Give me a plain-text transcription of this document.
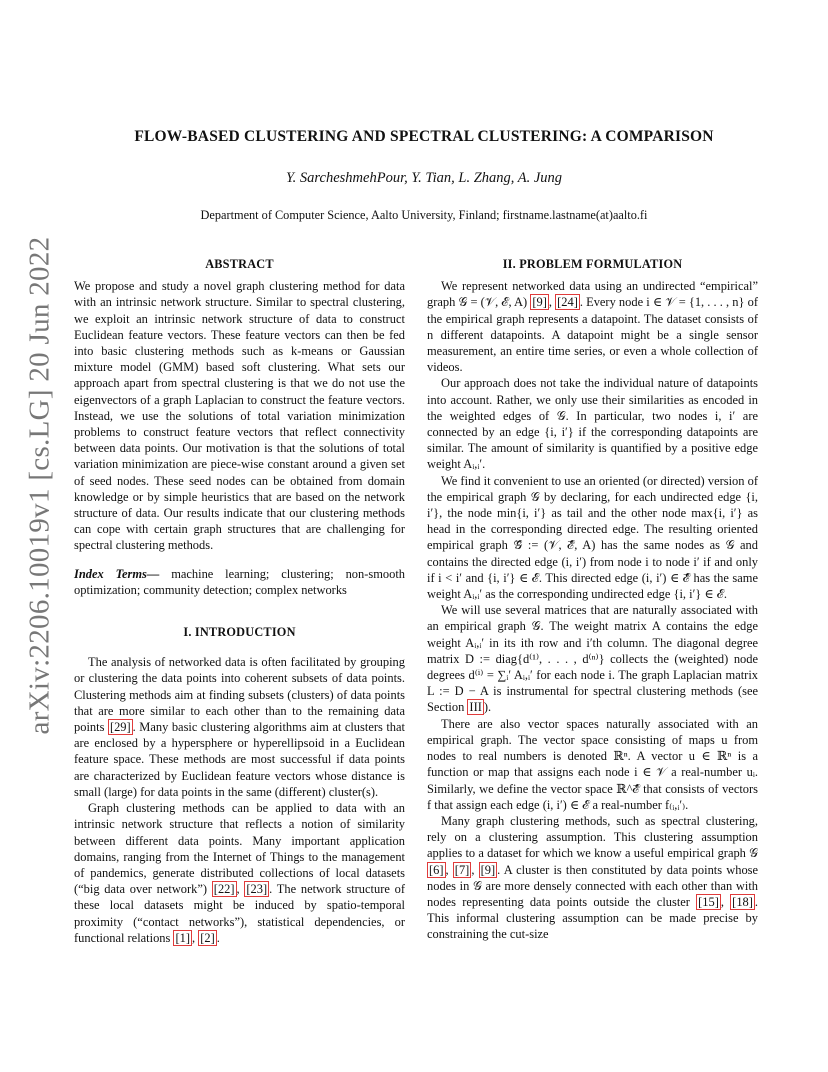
arXiv:2206.10019v1 [cs.LG] 20 Jun 2022
FLOW-BASED CLUSTERING AND SPECTRAL CLUSTERING: A COMPARISON
Y. SarcheshmehPour, Y. Tian, L. Zhang, A. Jung
Department of Computer Science, Aalto University, Finland; firstname.lastname(at)aalto.fi
ABSTRACT

We propose and study a novel graph clustering method for data with an intrinsic network structure. Similar to spectral clustering, we exploit an intrinsic network structure of data to construct Euclidean feature vectors. These feature vectors can then be fed into basic clustering methods such as k-means or Gaussian mixture model (GMM) based soft clustering. What sets our approach apart from spectral clustering is that we do not use the eigenvectors of a graph Laplacian to construct the feature vectors. Instead, we use the solutions of total variation minimization problems to construct feature vectors that reflect connectivity between data points. Our motivation is that the solutions of total variation minimization are piece-wise constant around a given set of seed nodes. These seed nodes can be obtained from domain knowledge or by simple heuristics that are based on the network structure of data. Our results indicate that our clustering methods can cope with certain graph structures that are challenging for spectral clustering methods.

Index Terms— machine learning; clustering; non-smooth optimization; community detection; complex networks

I. INTRODUCTION

The analysis of networked data is often facilitated by grouping or clustering the data points into coherent subsets of data points. Clustering methods aim at finding subsets (clusters) of data points that are more similar to each other than to the remaining data points [29] . Many basic clustering algorithms aim at clusters that are enclosed by a hypersphere or hyperellipsoid in a Euclidean feature space. These methods are most successful if data points are characterized by Euclidean feature vectors whose distance is small (large) for data points in the same (different) cluster(s).

Graph clustering methods can be applied to data with an intrinsic network structure that reflects a notion of similarity between different data points. Many important application domains, ranging from the Internet of Things to the management of pandemics, generate distributed collections of local datasets (“big data over network”) [22] , [23] . The network structure of these local datasets might be induced by spatio-temporal proximity (“contact networks”), statistical dependencies, or functional relations [1] , [2] .

II. PROBLEM FORMULATION

We represent networked data using an undirected “empirical” graph 𝒢 = (𝒱, ℰ, A) [9] , [24] . Every node i ∈ 𝒱 = {1, . . . , n} of the empirical graph represents a datapoint. The dataset consists of n different datapoints. A datapoint might be a single sensor measurement, an entire time series, or even a whole collection of videos.

Our approach does not take the individual nature of datapoints into account. Rather, we only use their similarities as encoded in the weighted edges of 𝒢. In particular, two nodes i, i′ are connected by an edge {i, i′} if the corresponding datapoints are similar. The amount of similarity is quantified by a positive edge weight Aᵢ,ᵢ′.

We find it convenient to use an oriented (or directed) version of the empirical graph 𝒢 by declaring, for each undirected edge {i, i′}, the node min{i, i′} as tail and the other node max{i, i′} as head in the corresponding directed edge. The resulting oriented empirical graph 𝒢⃗ := (𝒱, ℰ⃗, A) has the same nodes as 𝒢 and contains the directed edge (i, i′) from node i to node i′ if and only if i < i′ and {i, i′} ∈ ℰ. This directed edge (i, i′) ∈ ℰ⃗ has the same weight Aᵢ,ᵢ′ as the corresponding undirected edge {i, i′} ∈ ℰ.

We will use several matrices that are naturally associated with an empirical graph 𝒢. The weight matrix A contains the edge weight Aᵢ,ᵢ′ in its ith row and i′th column. The diagonal degree matrix D := diag{d⁽¹⁾, . . . , d⁽ⁿ⁾} collects the (weighted) node degrees d⁽ⁱ⁾ = ∑ᵢ′ Aᵢ,ᵢ′ for each node i. The graph Laplacian matrix L := D − A is instrumental for spectral clustering methods (see Section III ).

There are also vector spaces naturally associated with an empirical graph. The vector space consisting of maps u from nodes to real numbers is denoted ℝⁿ. A vector u ∈ ℝⁿ is a function or map that assigns each node i ∈ 𝒱 a real-number uᵢ. Similarly, we define the vector space ℝ^ℰ⃗ that consists of vectors f that assign each edge (i, i′) ∈ ℰ a real-number f₍ᵢ,ᵢ′₎.

Many graph clustering methods, such as spectral clustering, rely on a clustering assumption. This clustering assumption applies to a dataset for which we know a useful empirical graph 𝒢 [6] , [7] , [9] . A cluster is then constituted by data points whose nodes in 𝒢 are more densely connected with each other than with nodes representing data points outside the cluster [15] , [18] . This informal clustering assumption can be made precise by constraining the cut-size
